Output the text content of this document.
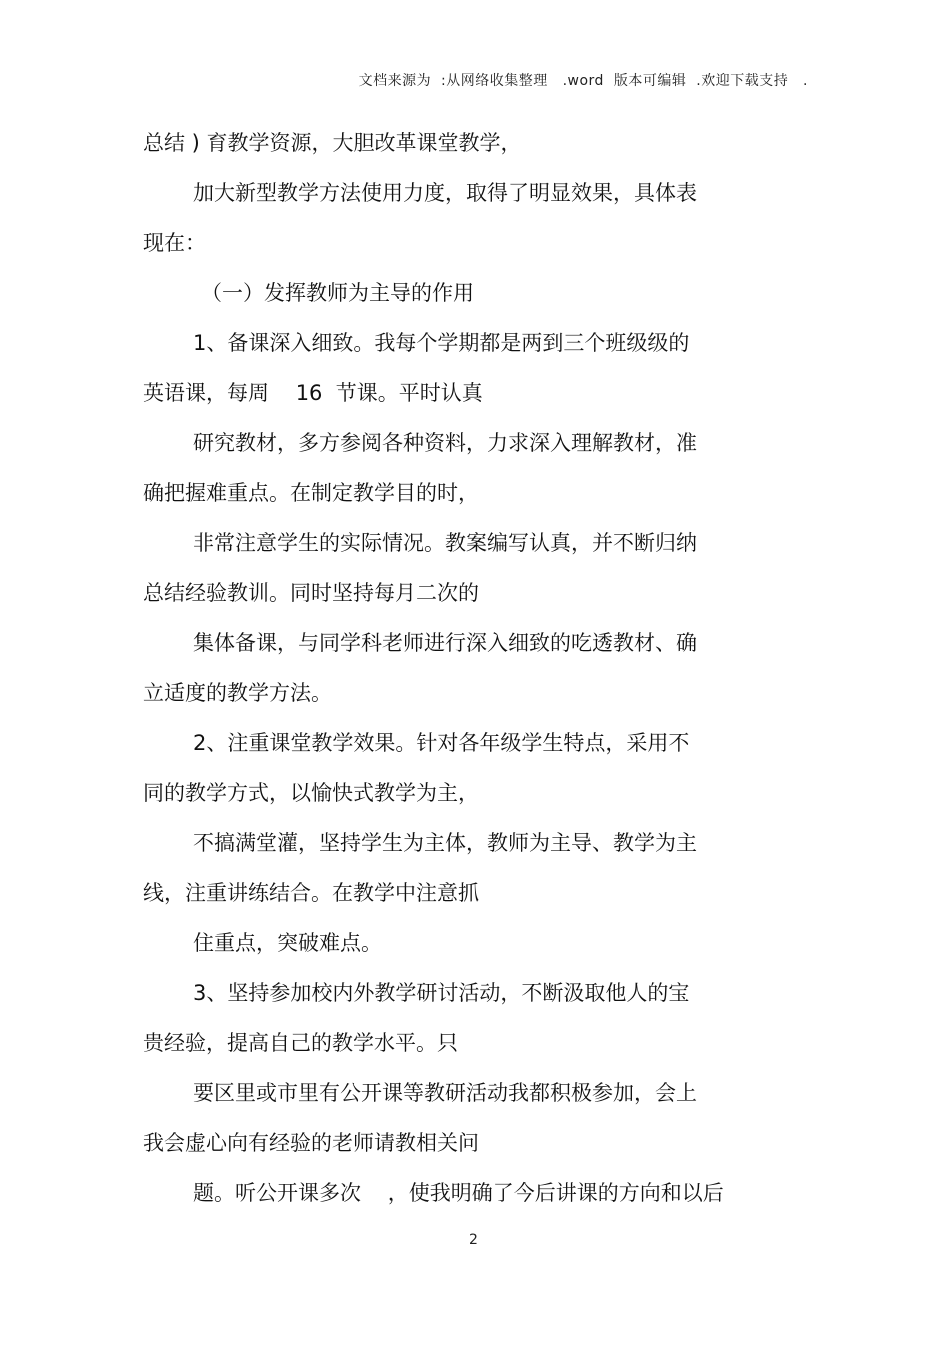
文档来源为  :从网络收集整理   .word  版本可编辑  .欢迎下载支持   .
总结 ) 育教学资源，大胆改革课堂教学，
加大新型教学方法使用力度，取得了明显效果，具体表
现在：
（一）发挥教师为主导的作用
1、备课深入细致。我每个学期都是两到三个班级级的
英语课，每周    16  节课。平时认真
研究教材，多方参阅各种资料，力求深入理解教材，准
确把握难重点。在制定教学目的时，
非常注意学生的实际情况。教案编写认真，并不断归纳
总结经验教训。同时坚持每月二次的
集体备课，与同学科老师进行深入细致的吃透教材、确
立适度的教学方法。
2、注重课堂教学效果。针对各年级学生特点，采用不
同的教学方式，以愉快式教学为主，
不搞满堂灌，坚持学生为主体，教师为主导、教学为主
线，注重讲练结合。在教学中注意抓
住重点，突破难点。
3、坚持参加校内外教学研讨活动，不断汲取他人的宝
贵经验，提高自己的教学水平。只
要区里或市里有公开课等教研活动我都积极参加，会上
我会虚心向有经验的老师请教相关问
题。听公开课多次    ，使我明确了今后讲课的方向和以后
2
